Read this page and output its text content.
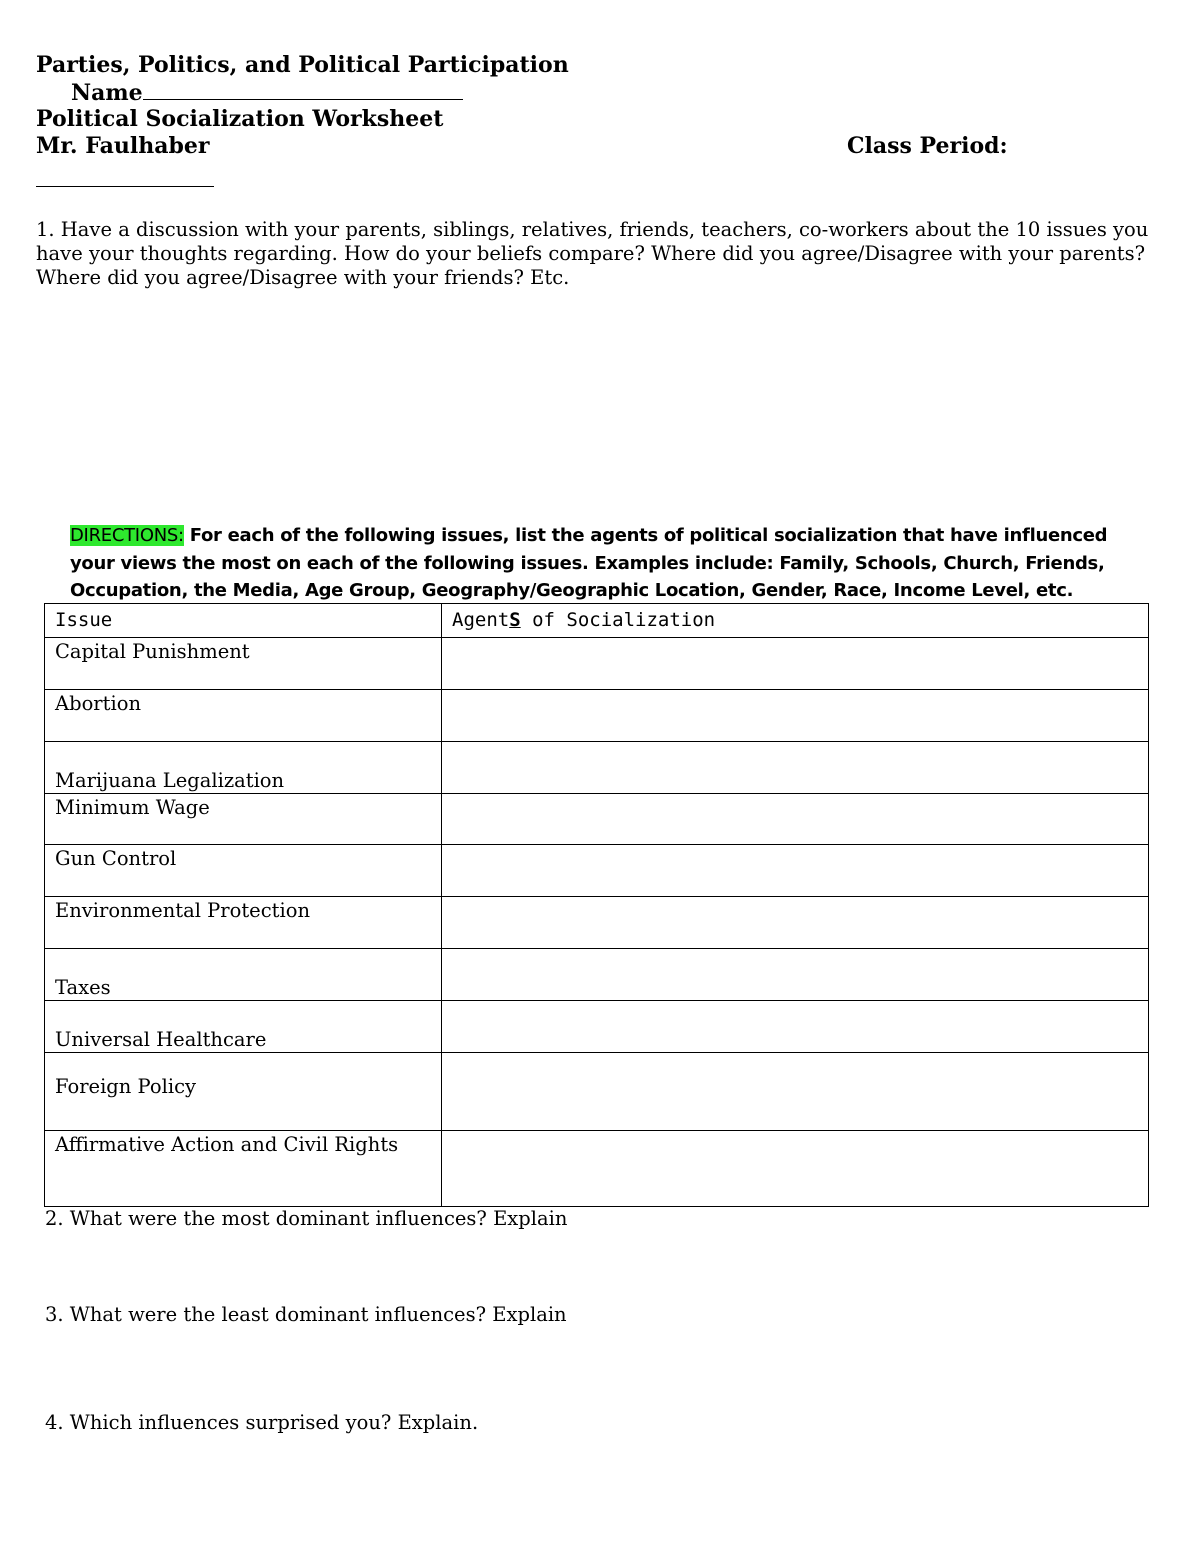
Parties, Politics, and Political Participation
Name
Political Socialization Worksheet
Mr. Faulhaber	Class Period:
1. Have a discussion with your parents, siblings, relatives, friends, teachers, co-workers about the 10 issues you have your thoughts regarding. How do your beliefs compare? Where did you agree/Disagree with your parents? Where did you agree/Disagree with your friends? Etc.
DIRECTIONS: For each of the following issues, list the agents of political socialization that have influenced your views the most on each of the following issues. Examples include: Family, Schools, Church, Friends, Occupation, the Media, Age Group, Geography/Geographic Location, Gender, Race, Income Level, etc.
Issue	AgentS of Socialization
Capital Punishment	
Abortion	
Marijuana Legalization	
Minimum Wage	
Gun Control	
Environmental Protection	
Taxes	
Universal Healthcare	
Foreign Policy	
Affirmative Action and Civil Rights	
2. What were the most dominant influences? Explain
3. What were the least dominant influences? Explain
4. Which influences surprised you? Explain.
